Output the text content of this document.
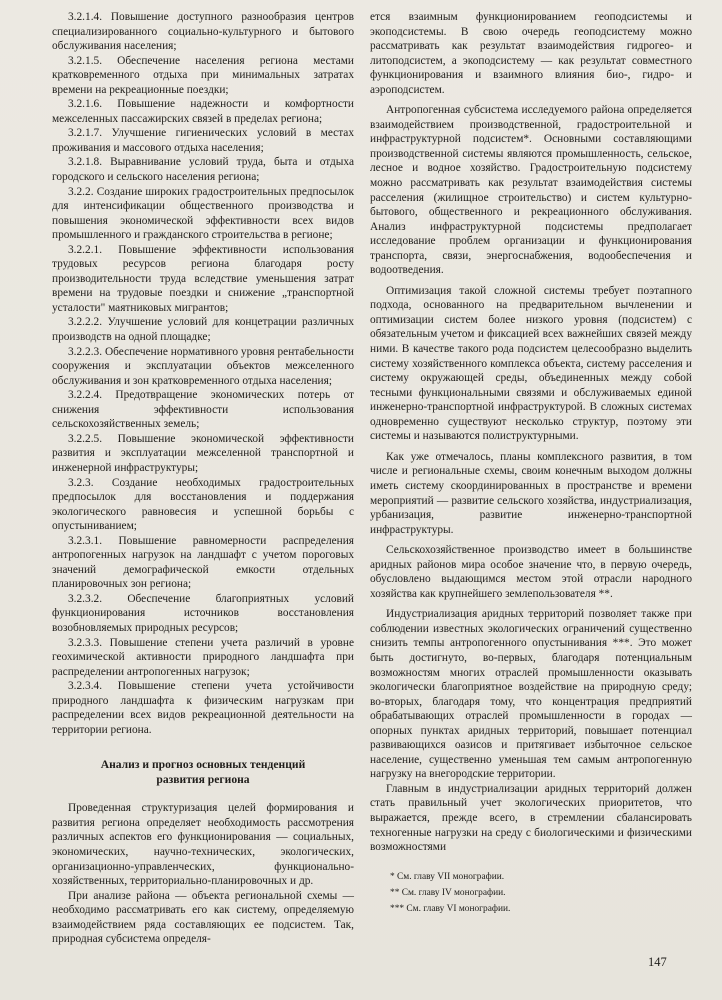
3.2.1.4. Повышение доступного разнообразия центров специализированного социально-культурного и бытового обслуживания населения;

3.2.1.5. Обеспечение населения региона местами кратковременного отдыха при минимальных затратах времени на рекреационные поездки;

3.2.1.6. Повышение надежности и комфортности межселенных пассажирских связей в пределах региона;

3.2.1.7. Улучшение гигиенических условий в местах проживания и массового отдыха населения;

3.2.1.8. Выравнивание условий труда, быта и отдыха городского и сельского населения региона;

3.2.2. Создание широких градостроительных предпосылок для интенсификации общественного производства и повышения экономической эффективности всех видов промышленного и гражданского строительства в регионе;

3.2.2.1. Повышение эффективности использования трудовых ресурсов региона благодаря росту производительности труда вследствие уменьшения затрат времени на трудовые поездки и снижение „транспортной усталости" маятниковых мигрантов;

3.2.2.2. Улучшение условий для концетрации различных производств на одной площадке;

3.2.2.3. Обеспечение нормативного уровня рентабельности сооружения и эксплуатации объектов межселенного обслуживания и зон кратковременного отдыха населения;

3.2.2.4. Предотвращение экономических потерь от снижения эффективности использования сельскохозяйственных земель;

3.2.2.5. Повышение экономической эффективности развития и эксплуатации межселенной транспортной и инженерной инфраструктуры;

3.2.3. Создание необходимых градостроительных предпосылок для восстановления и поддержания экологического равновесия и успешной борьбы с опустыниванием;

3.2.3.1. Повышение равномерности распределения антропогенных нагрузок на ландшафт с учетом пороговых значений демографической емкости отдельных планировочных зон региона;

3.2.3.2. Обеспечение благоприятных условий функционирования источников восстановления возобновляемых природных ресурсов;

3.2.3.3. Повышение степени учета различий в уровне геохимической активности природного ландшафта при распределении антропогенных нагрузок;

3.2.3.4. Повышение степени учета устойчивости природного ландшафта к физическим нагрузкам при распределении всех видов рекреационной деятельности на территории региона.

Анализ и прогноз основных тенденций
развития региона

Проведенная структуризация целей формирования и развития региона определяет необходимость рассмотрения различных аспектов его функционирования — социальных, экономических, научно-технических, экологических, организационно-управленческих, функционально-хозяйственных, территориально-планировочных и др.

При анализе района — объекта региональной схемы — необходимо рассматривать его как систему, определяемую взаимодействием ряда составляющих ее подсистем. Так, природная субсистема определя-

ется взаимным функционированием геоподсистемы и экоподсистемы. В свою очередь геоподсистему можно рассматривать как результат взаимодействия гидрогео- и литоподсистем, а экоподсистему — как результат совместного функционирования и взаимного влияния био-, гидро- и аэроподсистем.

Антропогенная субсистема исследуемого района определяется взаимодействием производственной, градостроительной и инфраструктурной подсистем*. Основными составляющими производственной системы являются промышленность, сельское, лесное и водное хозяйство. Градостроительную подсистему можно рассматривать как результат взаимодействия системы расселения (жилищное строительство) и систем культурно-бытового, общественного и рекреационного обслуживания. Анализ инфраструктурной подсистемы предполагает исследование проблем организации и функционирования транспорта, связи, энергоснабжения, водообеспечения и водоотведения.

Оптимизация такой сложной системы требует поэтапного подхода, основанного на предварительном вычленении и оптимизации систем более низкого уровня (подсистем) с обязательным учетом и фиксацией всех важнейших связей между ними. В качестве такого рода подсистем целесообразно выделить систему хозяйственного комплекса объекта, систему расселения и систему окружающей среды, объединенных между собой тесными функциональными связями и обслуживаемых единой инженерно-транспортной инфраструктурой. В сложных системах одновременно существуют несколько структур, поэтому эти системы и называются полиструктурными.

Как уже отмечалось, планы комплексного развития, в том числе и региональные схемы, своим конечным выходом должны иметь систему скоординированных в пространстве и времени мероприятий — развитие сельского хозяйства, индустриализация, урбанизация, развитие инженерно-транспортной инфраструктуры.

Сельскохозяйственное производство имеет в большинстве аридных районов мира особое значение что, в первую очередь, обусловлено выдающимся местом этой отрасли народного хозяйства как крупнейшего землепользователя **.

Индустриализация аридных территорий позволяет также при соблюдении известных экологических ограничений существенно снизить темпы антропогенного опустынивания ***. Это может быть достигнуто, во-первых, благодаря потенциальным возможностям многих отраслей промышленности оказывать экологически благоприятное воздействие на природную среду; во-вторых, благодаря тому, что концентрация предприятий обрабатывающих отраслей промышленности в городах — опорных пунктах аридных территорий, повышает потенциал развивающихся оазисов и притягивает избыточное сельское население, существенно уменьшая тем самым антропогенную нагрузку на внегородские территории.

Главным в индустриализации аридных территорий должен стать правильный учет экологических приоритетов, что выражается, прежде всего, в стремлении сбалансировать техногенные нагрузки на среду с биологическими и физическими возможностями

* См. главу VII монографии.
** См. главу IV монографии.
*** См. главу VI монографии.
147
